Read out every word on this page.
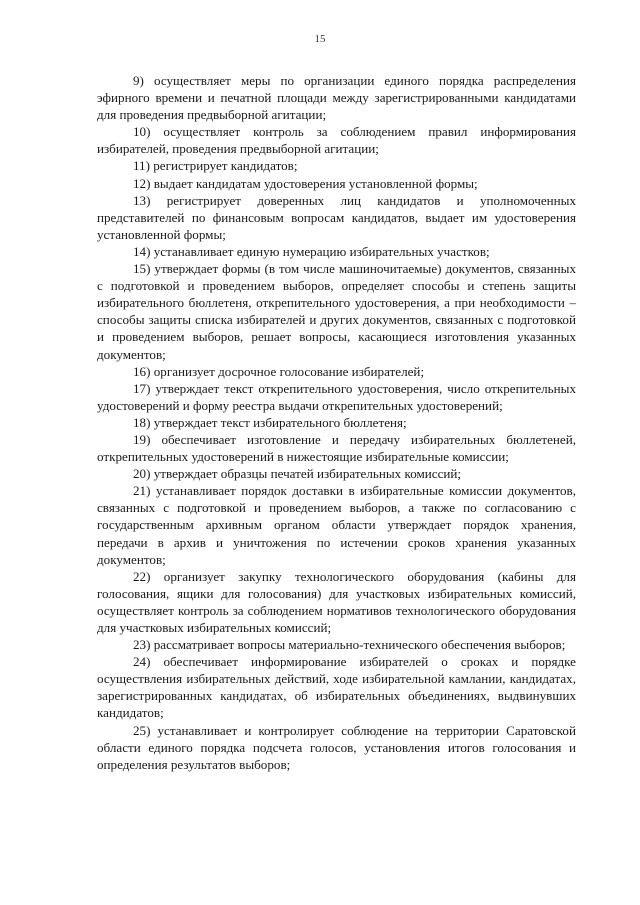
15

9) осуществляет меры по организации единого порядка распределения эфирного времени и печатной площади между зарегистрированными кандидатами для проведения предвыборной агитации;

10) осуществляет контроль за соблюдением правил информирования избирателей, проведения предвыборной агитации;

11) регистрирует кандидатов;

12) выдает кандидатам удостоверения установленной формы;

13) регистрирует доверенных лиц кандидатов и уполномоченных представителей по финансовым вопросам кандидатов, выдает им удостоверения установленной формы;

14) устанавливает единую нумерацию избирательных участков;

15) утверждает формы (в том числе машиночитаемые) документов, связанных с подготовкой и проведением выборов, определяет способы и степень защиты избирательного бюллетеня, открепительного удостоверения, а при необходимости – способы защиты списка избирателей и других документов, связанных с подготовкой и проведением выборов, решает вопросы, касающиеся изготовления указанных документов;

16) организует досрочное голосование избирателей;

17) утверждает текст открепительного удостоверения, число открепительных удостоверений и форму реестра выдачи открепительных удостоверений;

18) утверждает текст избирательного бюллетеня;

19) обеспечивает изготовление и передачу избирательных бюллетеней, открепительных удостоверений в нижестоящие избирательные комиссии;

20) утверждает образцы печатей избирательных комиссий;

21) устанавливает порядок доставки в избирательные комиссии документов, связанных с подготовкой и проведением выборов, а также по согласованию с государственным архивным органом области утверждает порядок хранения, передачи в архив и уничтожения по истечении сроков хранения указанных документов;

22) организует закупку технологического оборудования (кабины для голосования, ящики для голосования) для участковых избирательных комиссий, осуществляет контроль за соблюдением нормативов технологического оборудования для участковых избирательных комиссий;

23) рассматривает вопросы материально-технического обеспечения выборов;

24) обеспечивает информирование избирателей о сроках и порядке осуществления избирательных действий, ходе избирательной камлании, кандидатах, зарегистрированных кандидатах, об избирательных объединениях, выдвинувших кандидатов;

25) устанавливает и контролирует соблюдение на территории Саратовской области единого порядка подсчета голосов, установления итогов голосования и определения результатов выборов;
